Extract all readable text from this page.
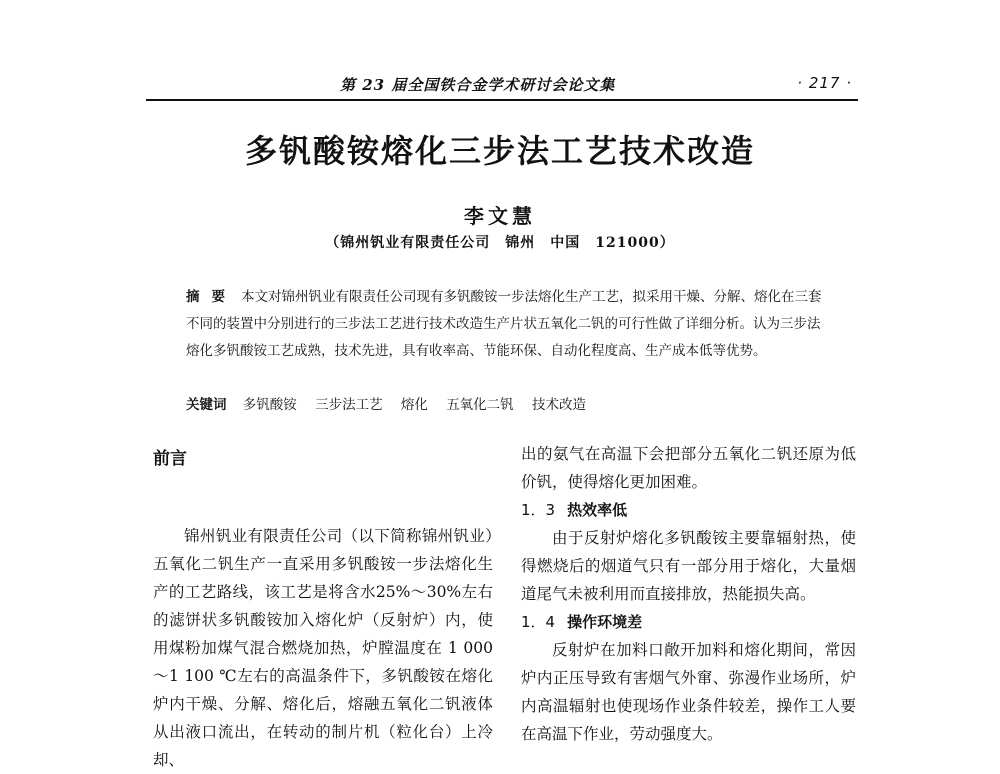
第 23 届全国铁合金学术研讨会论文集	· 217 ·
多钒酸铵熔化三步法工艺技术改造
李文慧
（锦州钒业有限责任公司　锦州　中国　121000）
摘要 本文对锦州钒业有限责任公司现有多钒酸铵一步法熔化生产工艺，拟采用干燥、分解、熔化在三套不同的装置中分别进行的三步法工艺进行技术改造生产片状五氧化二钒的可行性做了详细分析。认为三步法熔化多钒酸铵工艺成熟，技术先进，具有收率高、节能环保、自动化程度高、生产成本低等优势。
关键词 多钒酸铵 三步法工艺 熔化 五氧化二钒 技术改造
前言

锦州钒业有限责任公司（以下简称锦州钒业）五氧化二钒生产一直采用多钒酸铵一步法熔化生产的工艺路线，该工艺是将含水25%～30%左右的滤饼状多钒酸铵加入熔化炉（反射炉）内，使用煤粉加煤气混合燃烧加热，炉膛温度在 1 000～1 100 ℃左右的高温条件下，多钒酸铵在熔化炉内干燥、分解、熔化后，熔融五氧化二钒液体从出液口流出，在转动的制片机（粒化台）上冷却、

出的氨气在高温下会把部分五氧化二钒还原为低价钒，使得熔化更加困难。

1．3 热效率低

由于反射炉熔化多钒酸铵主要靠辐射热，使得燃烧后的烟道气只有一部分用于熔化，大量烟道尾气未被利用而直接排放，热能损失高。

1．4 操作环境差

反射炉在加料口敞开加料和熔化期间，常因炉内正压导致有害烟气外窜、弥漫作业场所，炉内高温辐射也使现场作业条件较差，操作工人要在高温下作业，劳动强度大。
